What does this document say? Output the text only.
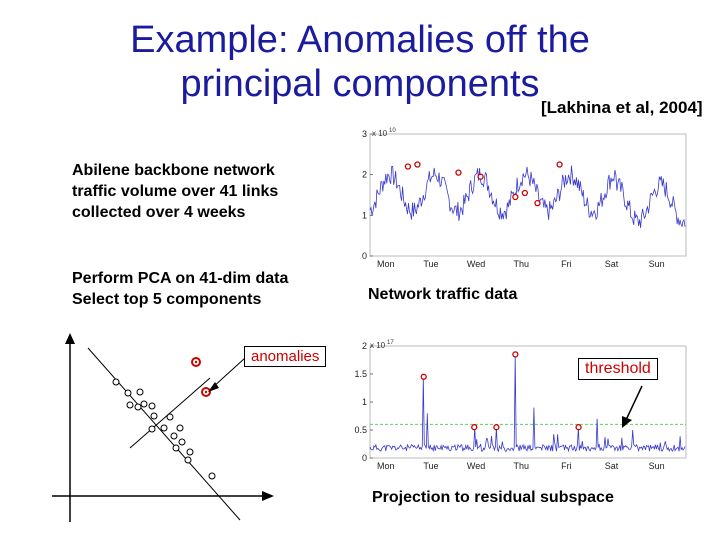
Example: Anomalies off the
principal components
[Lakhina et al, 2004]
Abilene backbone network
traffic volume over 41 links
collected over 4 weeks
Perform PCA on 41-dim data
Select top 5 components
anomalies
x 10 10
0
1
2
3
Mon	Tue	Wed	Thu	Fri	Sat	Sun
Network traffic data
x 10 17
0
0.5
1
1.5
2
Mon	Tue	Wed	Thu	Fri	Sat	Sun
threshold
Projection to residual subspace
